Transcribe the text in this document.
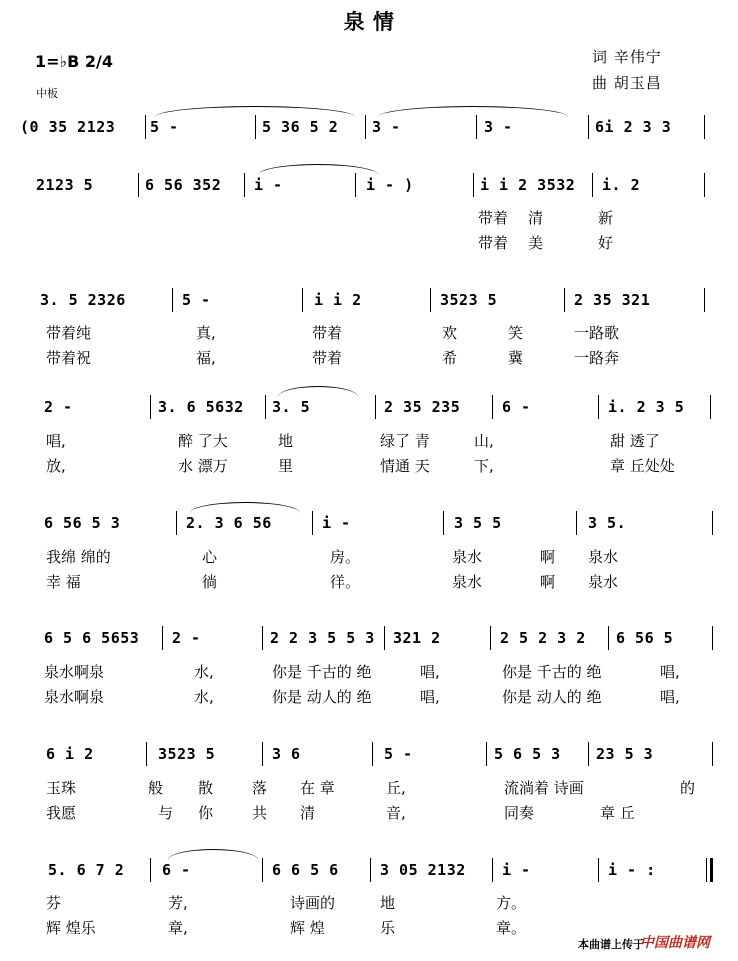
泉 情
1=♭B 2/4
中板
词 辛伟宁
曲 胡玉昌
(0 35 2123 5 -	5 36 5 2 3 -	3 -	6i 2 3 3
2123 5	6 56 352 i -	i - )	i i 2 3532 i. 2
带着 清	新
带着 美	好
3. 5 2326	5 -	i i 2	3523 5	2 35 321
带着纯	真,	带着	欢	笑	一路歌
带着祝	福,	带着	希	冀	一路奔
2 -	3. 6 5632 3. 5	2 35 235	6 -	i. 2 3 5
唱,	醉 了大	地	绿了 青	山,	甜 透了
放,	水 漂万	里	情通 天	下,	章 丘处处
6 56 5 3	2. 3 6 56	i -	3 5 5	3 5.
我绵 绵的	心	房。	泉水	啊 泉水
幸 福	徜	徉。	泉水	啊 泉水
6 5 6 5653 2 -	2 2 3 5 5 3 321 2	2 5 2 3 2 6 56 5
泉水啊泉	水,	你是 千古的 绝	唱,	你是 千古的 绝	唱,
泉水啊泉	水,	你是 动人的 绝	唱,	你是 动人的 绝	唱,
6 i 2	3523 5	3 6	5 -	5 6 5 3 23 5 3
玉珠	般 散	落 在 章	丘,	流淌着 诗画	的
我愿	与 你	共 清	音,	同奏	章 丘
5. 6 7 2	6 -	6 6 5 6	3 05 2132 i -	i - :
芬	芳,	诗画的	地	方。
辉 煌乐	章,	辉 煌	乐	章。
本曲谱上传于
中国曲谱网
